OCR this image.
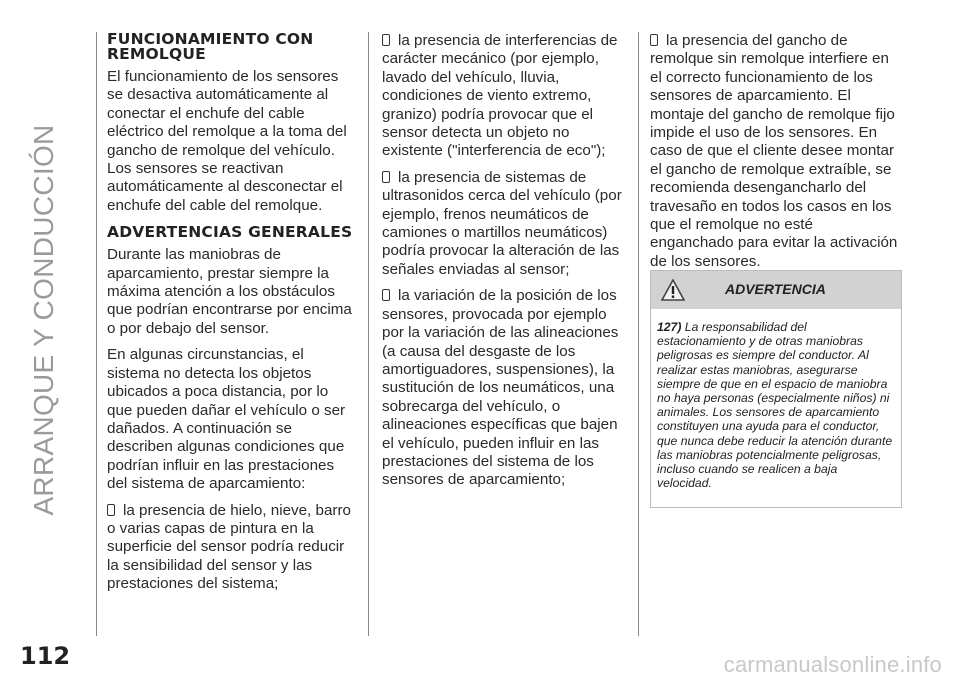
ARRANQUE Y CONDUCCIÓN
FUNCIONAMIENTO CON REMOLQUE

El funcionamiento de los sensores se desactiva automáticamente al conectar el enchufe del cable eléctrico del remolque a la toma del gancho de remolque del vehículo. Los sensores se reactivan automáticamente al desconectar el enchufe del cable del remolque.

ADVERTENCIAS GENERALES

Durante las maniobras de aparcamiento, prestar siempre la máxima atención a los obstáculos que podrían encontrarse por encima o por debajo del sensor.

En algunas circunstancias, el sistema no detecta los objetos ubicados a poca distancia, por lo que pueden dañar el vehículo o ser dañados. A continuación se describen algunas condiciones que podrían influir en las prestaciones del sistema de aparcamiento:

la presencia de hielo, nieve, barro o varias capas de pintura en la superficie del sensor podría reducir la sensibilidad del sensor y las prestaciones del sistema;
la presencia de interferencias de carácter mecánico (por ejemplo, lavado del vehículo, lluvia, condiciones de viento extremo, granizo) podría provocar que el sensor detecta un objeto no existente ("interferencia de eco");
la presencia de sistemas de ultrasonidos cerca del vehículo (por ejemplo, frenos neumáticos de camiones o martillos neumáticos) podría provocar la alteración de las señales enviadas al sensor;
la variación de la posición de los sensores, provocada por ejemplo por la variación de las alineaciones (a causa del desgaste de los amortiguadores, suspensiones), la sustitución de los neumáticos, una sobrecarga del vehículo, o alineaciones específicas que bajen el vehículo, pueden influir en las prestaciones del sistema de los sensores de aparcamiento;
la presencia del gancho de remolque sin remolque interfiere en el correcto funcionamiento de los sensores de aparcamiento. El montaje del gancho de remolque fijo impide el uso de los sensores. En caso de que el cliente desee montar el gancho de remolque extraíble, se recomienda desengancharlo del travesaño en todos los casos en los que el remolque no esté enganchado para evitar la activación de los sensores.
ADVERTENCIA
127) La responsabilidad del estacionamiento y de otras maniobras peligrosas es siempre del conductor. Al realizar estas maniobras, asegurarse siempre de que en el espacio de maniobra no haya personas (especialmente niños) ni animales. Los sensores de aparcamiento constituyen una ayuda para el conductor, que nunca debe reducir la atención durante las maniobras potencialmente peligrosas, incluso cuando se realicen a baja velocidad.
112	carmanualsonline.info
